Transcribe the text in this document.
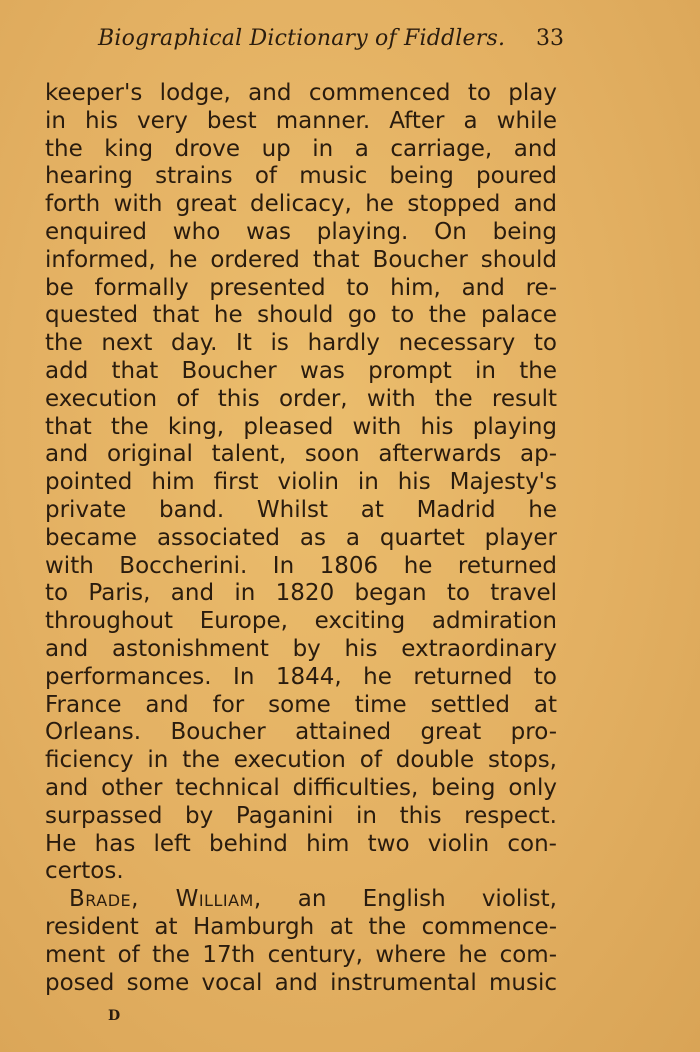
Biographical Dictionary of Fiddlers. 33
keeper's lodge, and commenced to play
in his very best manner. After a while
the king drove up in a carriage, and
hearing strains of music being poured
forth with great delicacy, he stopped and
enquired who was playing. On being
informed, he ordered that Boucher should
be formally presented to him, and re-
quested that he should go to the palace
the next day. It is hardly necessary to
add that Boucher was prompt in the
execution of this order, with the result
that the king, pleased with his playing
and original talent, soon afterwards ap-
pointed him first violin in his Majesty's
private band. Whilst at Madrid he
became associated as a quartet player
with Boccherini. In 1806 he returned
to Paris, and in 1820 began to travel
throughout Europe, exciting admiration
and astonishment by his extraordinary
performances. In 1844, he returned to
France and for some time settled at
Orleans. Boucher attained great pro-
ficiency in the execution of double stops,
and other technical difficulties, being only
surpassed by Paganini in this respect.
He has left behind him two violin con-
certos.
Brade, William, an English violist,
resident at Hamburgh at the commence-
ment of the 17th century, where he com-
posed some vocal and instrumental music
D
